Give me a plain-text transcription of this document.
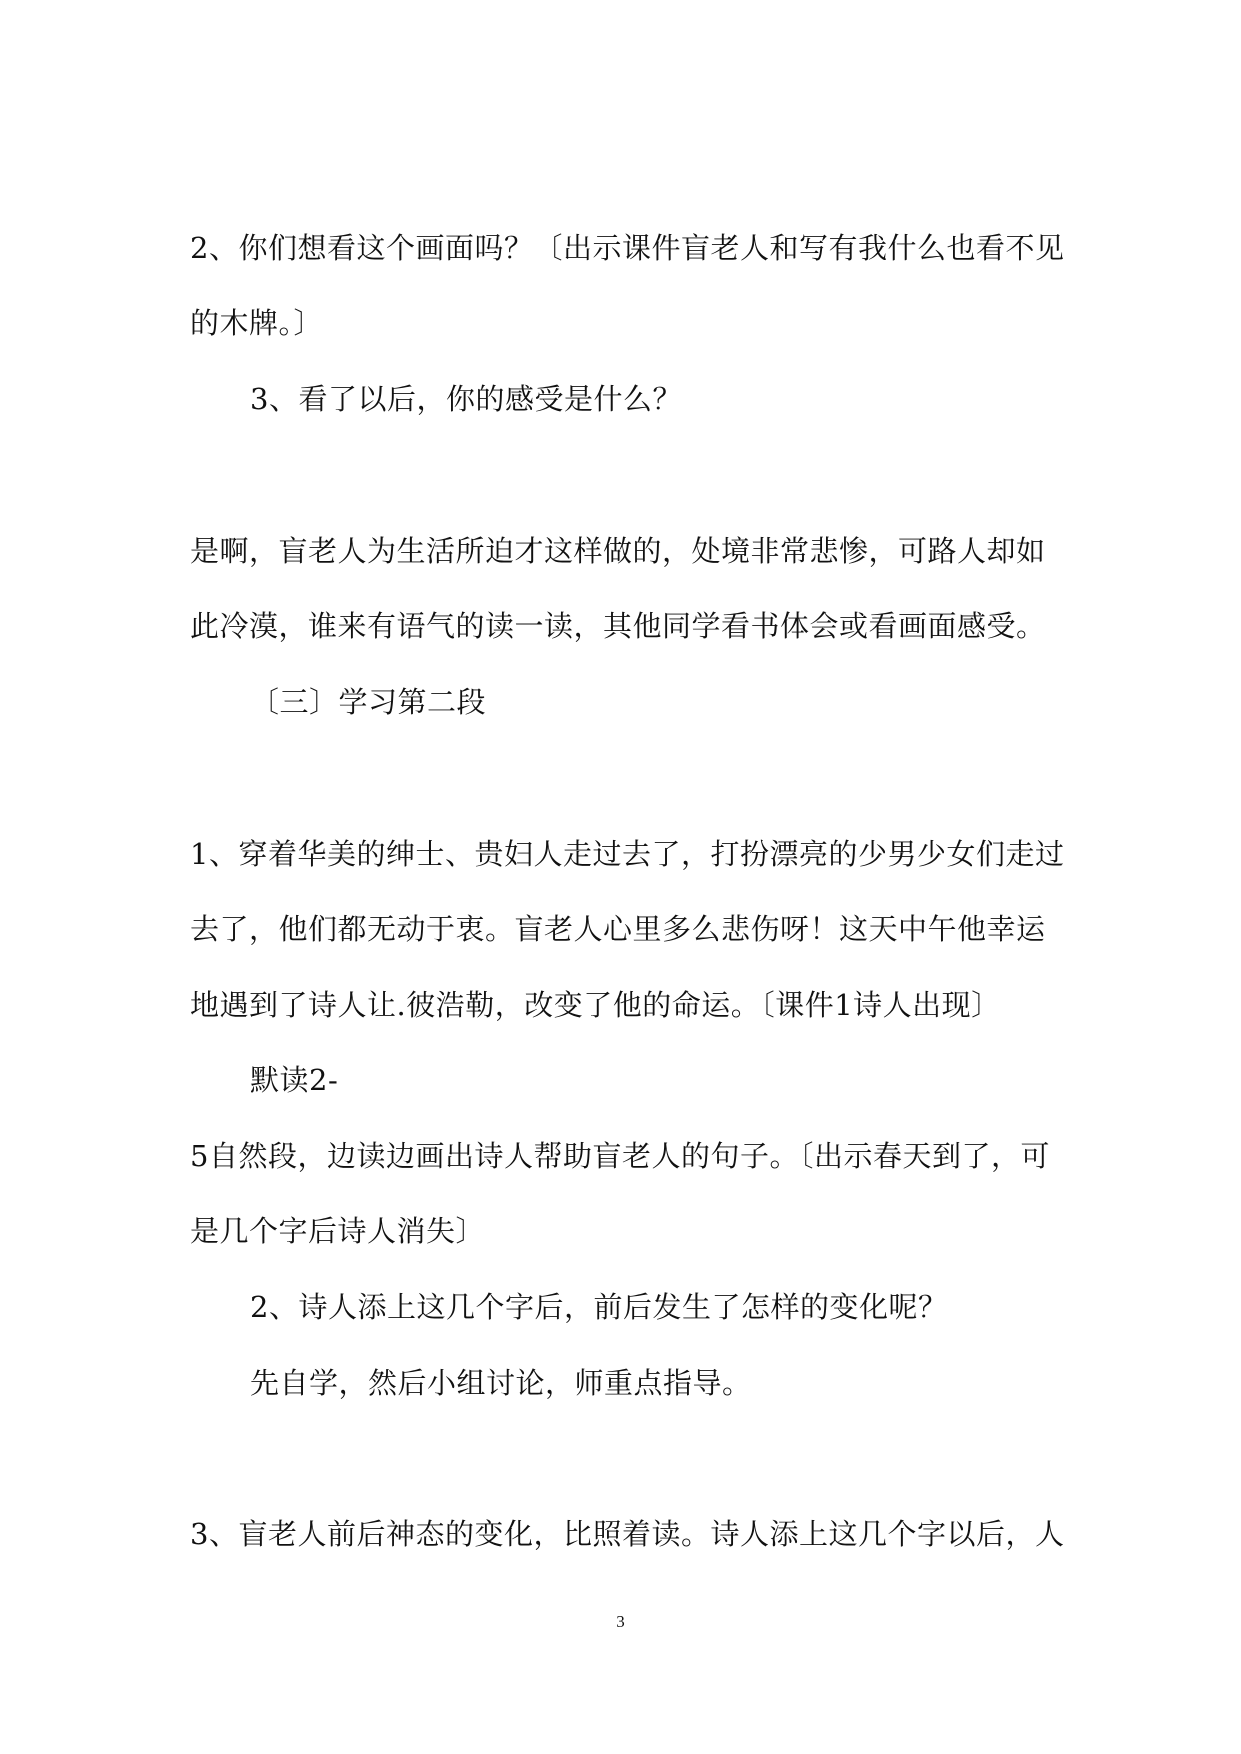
2、你们想看这个画面吗？〔出示课件盲老人和写有我什么也看不见
的木牌。〕
3、看了以后，你的感受是什么？
是啊，盲老人为生活所迫才这样做的，处境非常悲惨，可路人却如
此冷漠，谁来有语气的读一读，其他同学看书体会或看画面感受。
〔三〕学习第二段
1、穿着华美的绅士、贵妇人走过去了，打扮漂亮的少男少女们走过
去了，他们都无动于衷。盲老人心里多么悲伤呀！这天中午他幸运
地遇到了诗人让.彼浩勒，改变了他的命运。〔课件1诗人出现〕
默读2-
5自然段，边读边画出诗人帮助盲老人的句子。〔出示春天到了，可
是几个字后诗人消失〕
2、诗人添上这几个字后，前后发生了怎样的变化呢？
先自学，然后小组讨论，师重点指导。
3、盲老人前后神态的变化，比照着读。诗人添上这几个字以后，人
3
